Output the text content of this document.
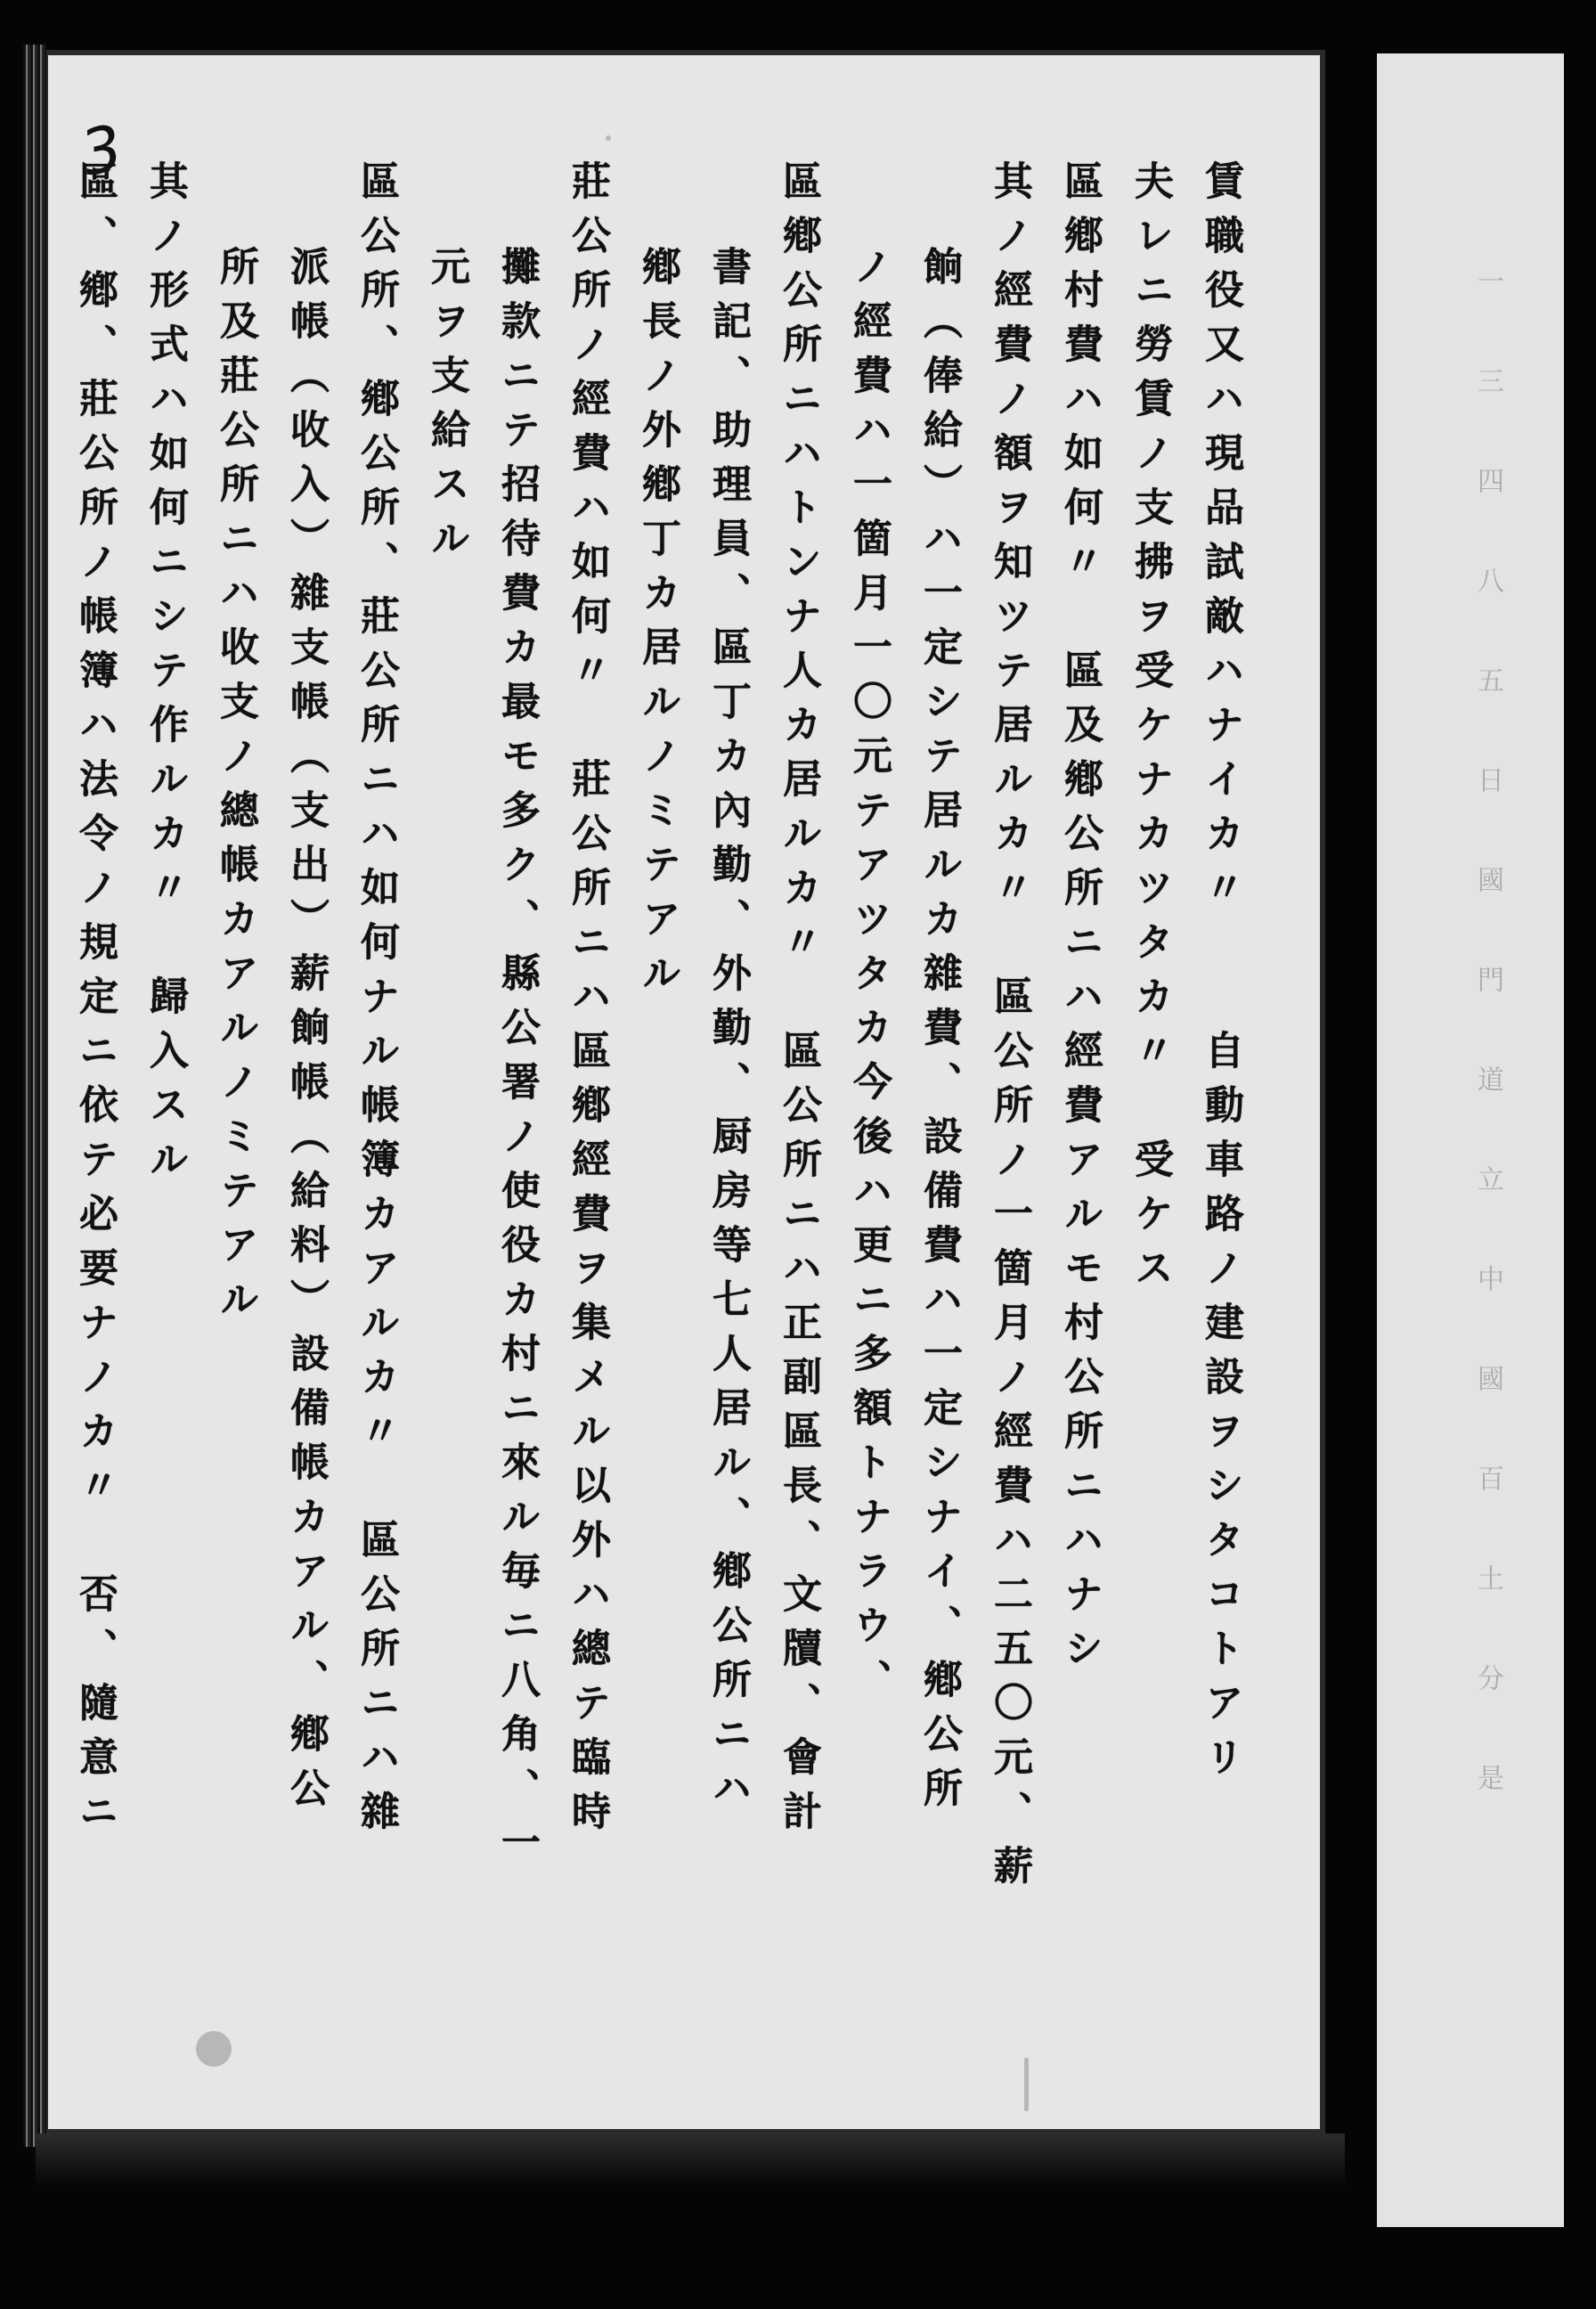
一　三　四　八　五　日　國　門　道　立　中　國　百　土　分　是
3
賃職役又ハ現品試敵ハナイカ〃　　自動車路ノ建設ヲシタコトアリ
夫レニ勞賃ノ支拂ヲ受ケナカツタカ〃　受ケス
區鄕村費ハ如何〃　區及鄕公所ニハ經費アルモ村公所ニハナシ
其ノ經費ノ額ヲ知ツテ居ルカ〃　區公所ノ一箇月ノ經費ハ二五〇元、薪
餉（俸給）ハ一定シテ居ルカ雜費、設備費ハ一定シナイ、鄕公所
ノ經費ハ一箇月一〇元テアツタカ今後ハ更ニ多額トナラウ、
區鄕公所ニハトンナ人カ居ルカ〃　區公所ニハ正副區長、文牘、會計
書記、助理員、區丁カ內勤、外勤、厨房等七人居ル、鄕公所ニハ
鄕長ノ外鄕丁カ居ルノミテアル
莊公所ノ經費ハ如何〃　莊公所ニハ區鄕經費ヲ集メル以外ハ總テ臨時
攤款ニテ招待費カ最モ多ク、縣公署ノ使役カ村ニ來ル毎ニ八角、一
元ヲ支給スル
區公所、鄕公所、莊公所ニハ如何ナル帳簿カアルカ〃　區公所ニハ雜
派帳（收入）雜支帳（支出）薪餉帳（給料）設備帳カアル、鄕公
所及莊公所ニハ收支ノ總帳カアルノミテアル
其ノ形式ハ如何ニシテ作ルカ〃　歸入スル
區、鄕、莊公所ノ帳簿ハ法令ノ規定ニ依テ必要ナノカ〃　否、隨意ニ
